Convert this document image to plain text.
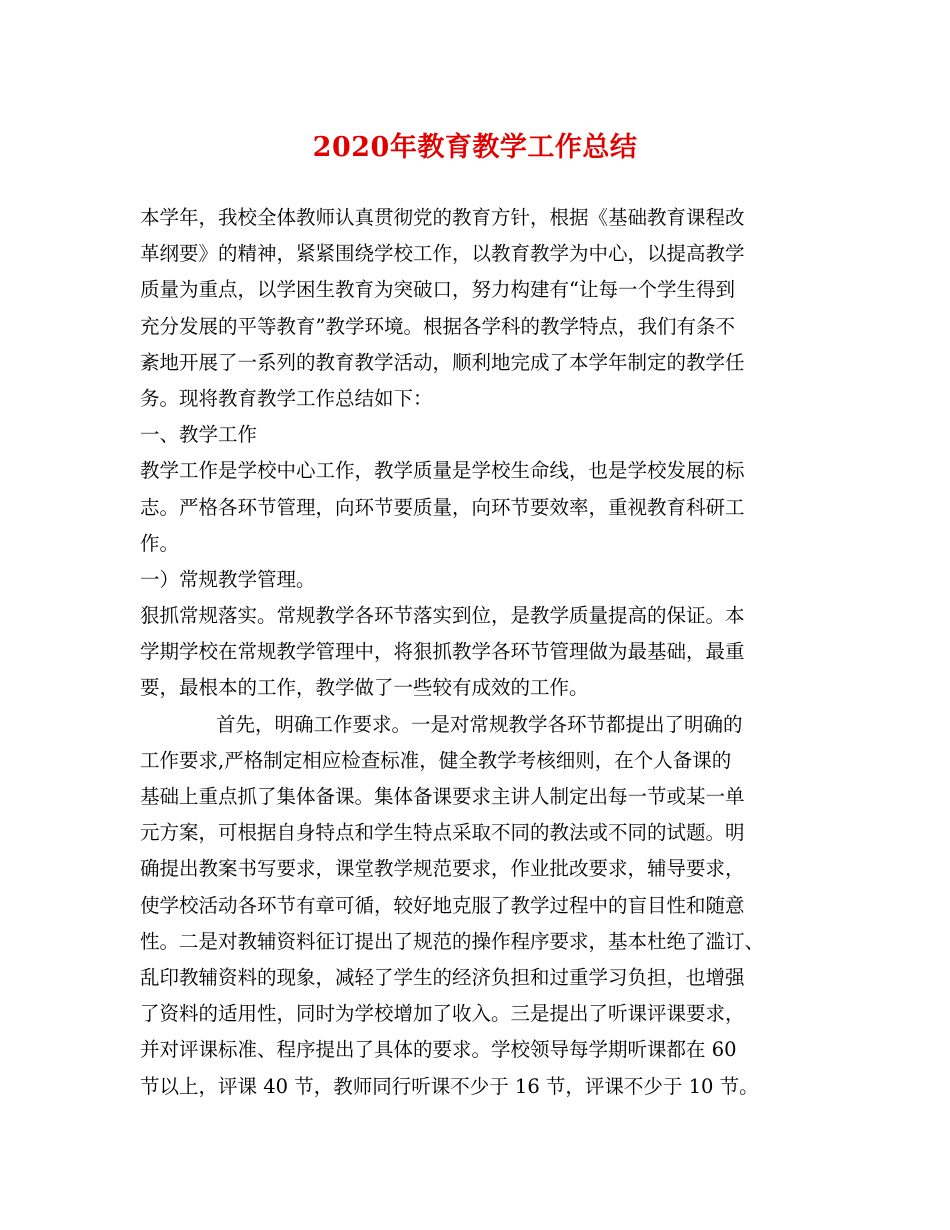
2020年教育教学工作总结
本学年，我校全体教师认真贯彻党的教育方针，根据《基础教育课程改
革纲要》的精神，紧紧围绕学校工作，以教育教学为中心，以提高教学
质量为重点，以学困生教育为突破口，努力构建有“让每一个学生得到
充分发展的平等教育”教学环境。根据各学科的教学特点，我们有条不
紊地开展了一系列的教育教学活动，顺利地完成了本学年制定的教学任
务。现将教育教学工作总结如下：
一、教学工作
教学工作是学校中心工作，教学质量是学校生命线，也是学校发展的标
志。严格各环节管理，向环节要质量，向环节要效率，重视教育科研工
作。
一）常规教学管理。
狠抓常规落实。常规教学各环节落实到位，是教学质量提高的保证。本
学期学校在常规教学管理中，将狠抓教学各环节管理做为最基础，最重
要，最根本的工作，教学做了一些较有成效的工作。
首先，明确工作要求。一是对常规教学各环节都提出了明确的
工作要求,严格制定相应检查标准，健全教学考核细则，在个人备课的
基础上重点抓了集体备课。集体备课要求主讲人制定出每一节或某一单
元方案，可根据自身特点和学生特点采取不同的教法或不同的试题。明
确提出教案书写要求，课堂教学规范要求，作业批改要求，辅导要求，
使学校活动各环节有章可循，较好地克服了教学过程中的盲目性和随意
性。二是对教辅资料征订提出了规范的操作程序要求，基本杜绝了滥订、
乱印教辅资料的现象，减轻了学生的经济负担和过重学习负担，也增强
了资料的适用性，同时为学校增加了收入。三是提出了听课评课要求，
并对评课标准、程序提出了具体的要求。学校领导每学期听课都在 60
节以上，评课 40 节，教师同行听课不少于 16 节，评课不少于 10 节。
